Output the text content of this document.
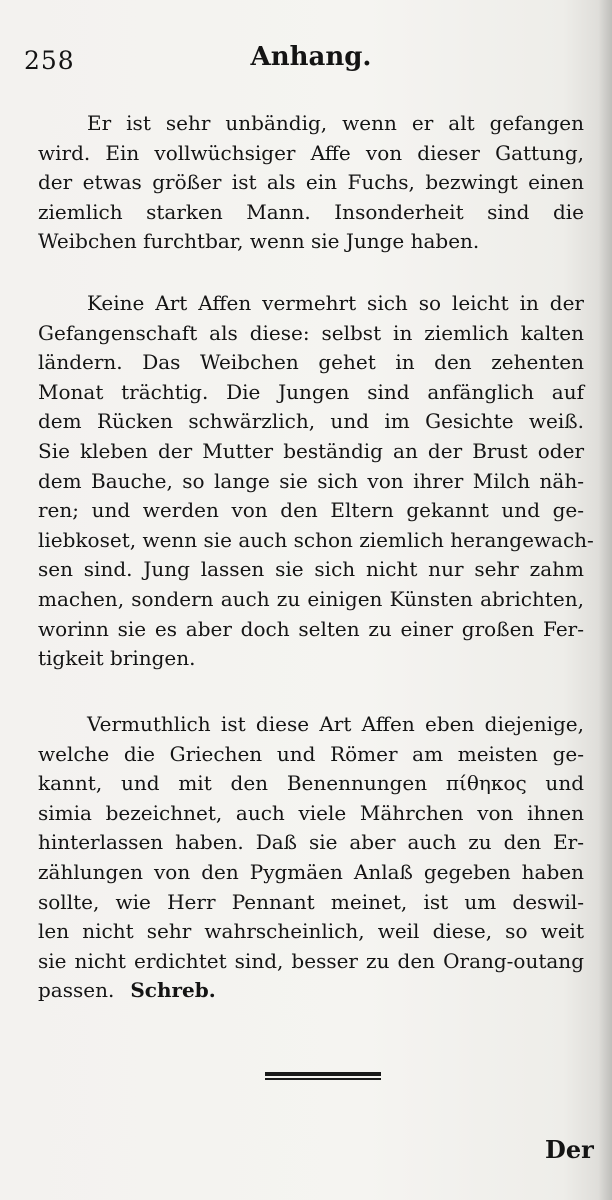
258	Anhang.
Er ist sehr unbändig, wenn er alt gefangen
wird. Ein vollwüchsiger Affe von dieser Gattung,
der etwas größer ist als ein Fuchs, bezwingt einen
ziemlich starken Mann. Insonderheit sind die
Weibchen furchtbar, wenn sie Junge haben.
Keine Art Affen vermehrt sich so leicht in der
Gefangenschaft als diese: selbst in ziemlich kalten
ländern. Das Weibchen gehet in den zehenten
Monat trächtig. Die Jungen sind anfänglich auf
dem Rücken schwärzlich, und im Gesichte weiß.
Sie kleben der Mutter beständig an der Brust oder
dem Bauche, so lange sie sich von ihrer Milch näh-
ren; und werden von den Eltern gekannt und ge-
liebkoset, wenn sie auch schon ziemlich herangewach-
sen sind. Jung lassen sie sich nicht nur sehr zahm
machen, sondern auch zu einigen Künsten abrichten,
worinn sie es aber doch selten zu einer großen Fer-
tigkeit bringen.
Vermuthlich ist diese Art Affen eben diejenige,
welche die Griechen und Römer am meisten ge-
kannt, und mit den Benennungen πίθηκος und
simia bezeichnet, auch viele Mährchen von ihnen
hinterlassen haben. Daß sie aber auch zu den Er-
zählungen von den Pygmäen Anlaß gegeben haben
sollte, wie Herr Pennant meinet, ist um deswil-
len nicht sehr wahrscheinlich, weil diese, so weit
sie nicht erdichtet sind, besser zu den Orang-outang
passen. Schreb.
Der
